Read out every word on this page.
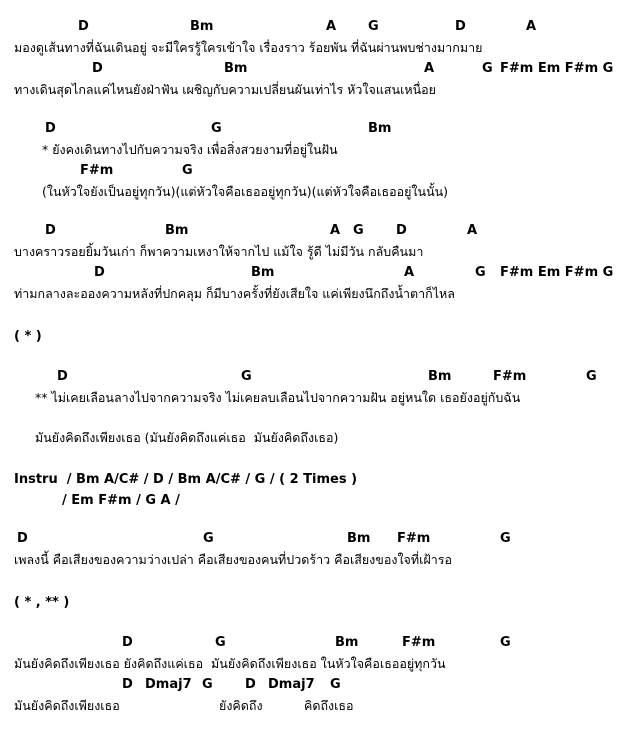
D	Bm	A G	D	A
มองดูเส้นทางที่ฉันเดินอยู่ จะมีใครรู้ใครเข้าใจ เรื่องราว ร้อยพัน ที่ฉันผ่านพบช่างมากมาย
D	Bm	A	G F#m Em F#m G
ทางเดินสุดไกลแค่ไหนยังฝ่าฟัน เผชิญกับความเปลี่ยนผันเท่าไร หัวใจแสนเหนื่อย
D	G	Bm
* ยังคงเดินทางไปกับความจริง เพื่อสิ่งสวยงามที่อยู่ในฝัน
F#m	G
(ในหัวใจยังเป็นอยู่ทุกวัน)(แต่หัวใจคือเธออยู่ทุกวัน)(แต่หัวใจคือเธออยู่ในนั้น)
D	Bm	A G D	A
บางคราวรอยยิ้มวันเก่า ก็พาความเหงาให้จากไป แม้ใจ รู้ดี ไม่มีวัน กลับคืนมา
D	Bm	A	G F#m Em F#m G
ท่ามกลางละอองความหลังที่ปกคลุม ก็มีบางครั้งที่ยังเสียใจ แค่เพียงนึกถึงน้ำตาก็ไหล
( * )
D	G	Bm	F#m	G
** ไม่เคยเลือนลางไปจากความจริง ไม่เคยลบเลือนไปจากความฝัน อยู่หนใด เธอยังอยู่กับฉัน
มันยังคิดถึงเพียงเธอ (มันยังคิดถึงแค่เธอ  มันยังคิดถึงเธอ)
Instru  / Bm A/C# / D / Bm A/C# / G / ( 2 Times )
/ Em F#m / G A /
D	G	Bm F#m	G
เพลงนี้ คือเสียงของความว่างเปล่า คือเสียงของคนที่ปวดร้าว คือเสียงของใจที่เฝ้ารอ
( * , ** )
D	G	Bm	F#m	G
มันยังคิดถึงเพียงเธอ ยังคิดถึงแค่เธอ  มันยังคิดถึงเพียงเธอ ในหัวใจคือเธออยู่ทุกวัน
D Dmaj7 G D Dmaj7 G
มันยังคิดถึงเพียงเธอ	ยังคิดถึง	คิดถึงเธอ
